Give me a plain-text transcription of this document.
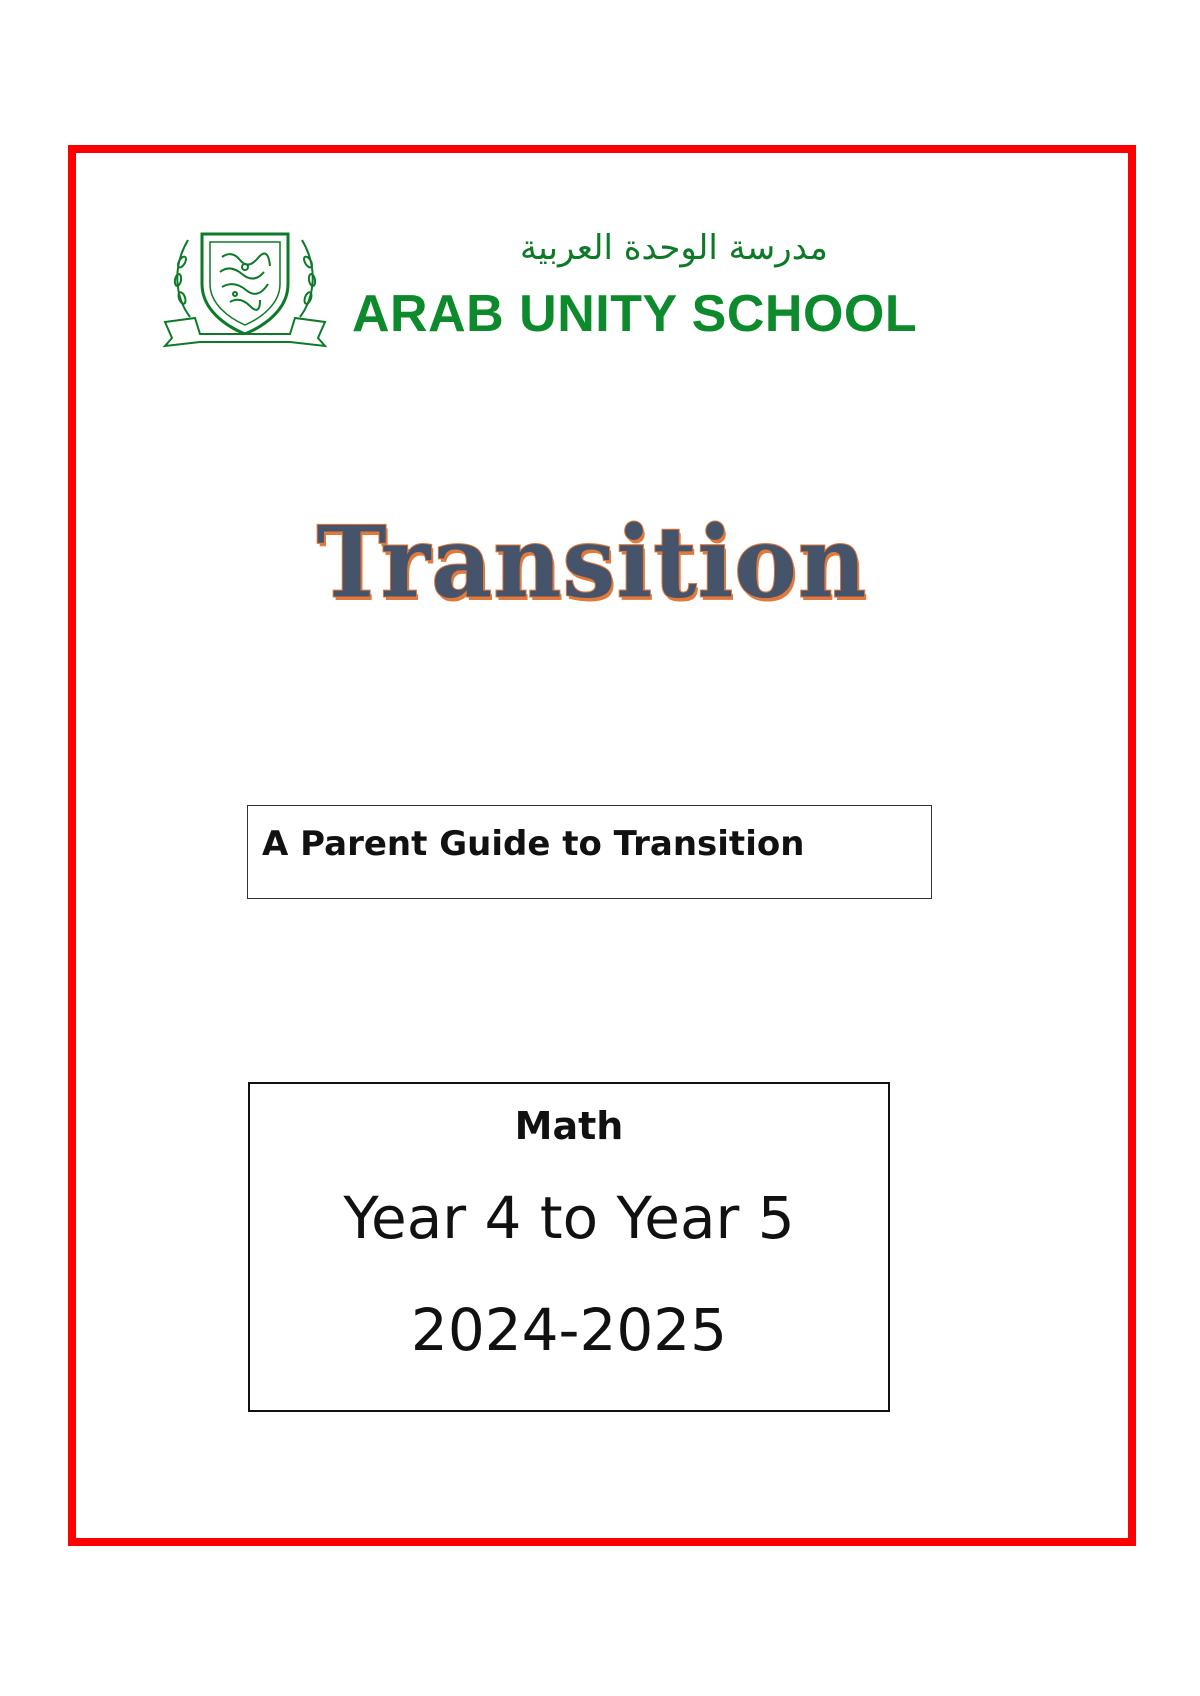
مدرسة الوحدة العربية
ARAB UNITY SCHOOL
Transition
A Parent Guide to Transition
Math
Year 4 to Year 5
2024-2025
